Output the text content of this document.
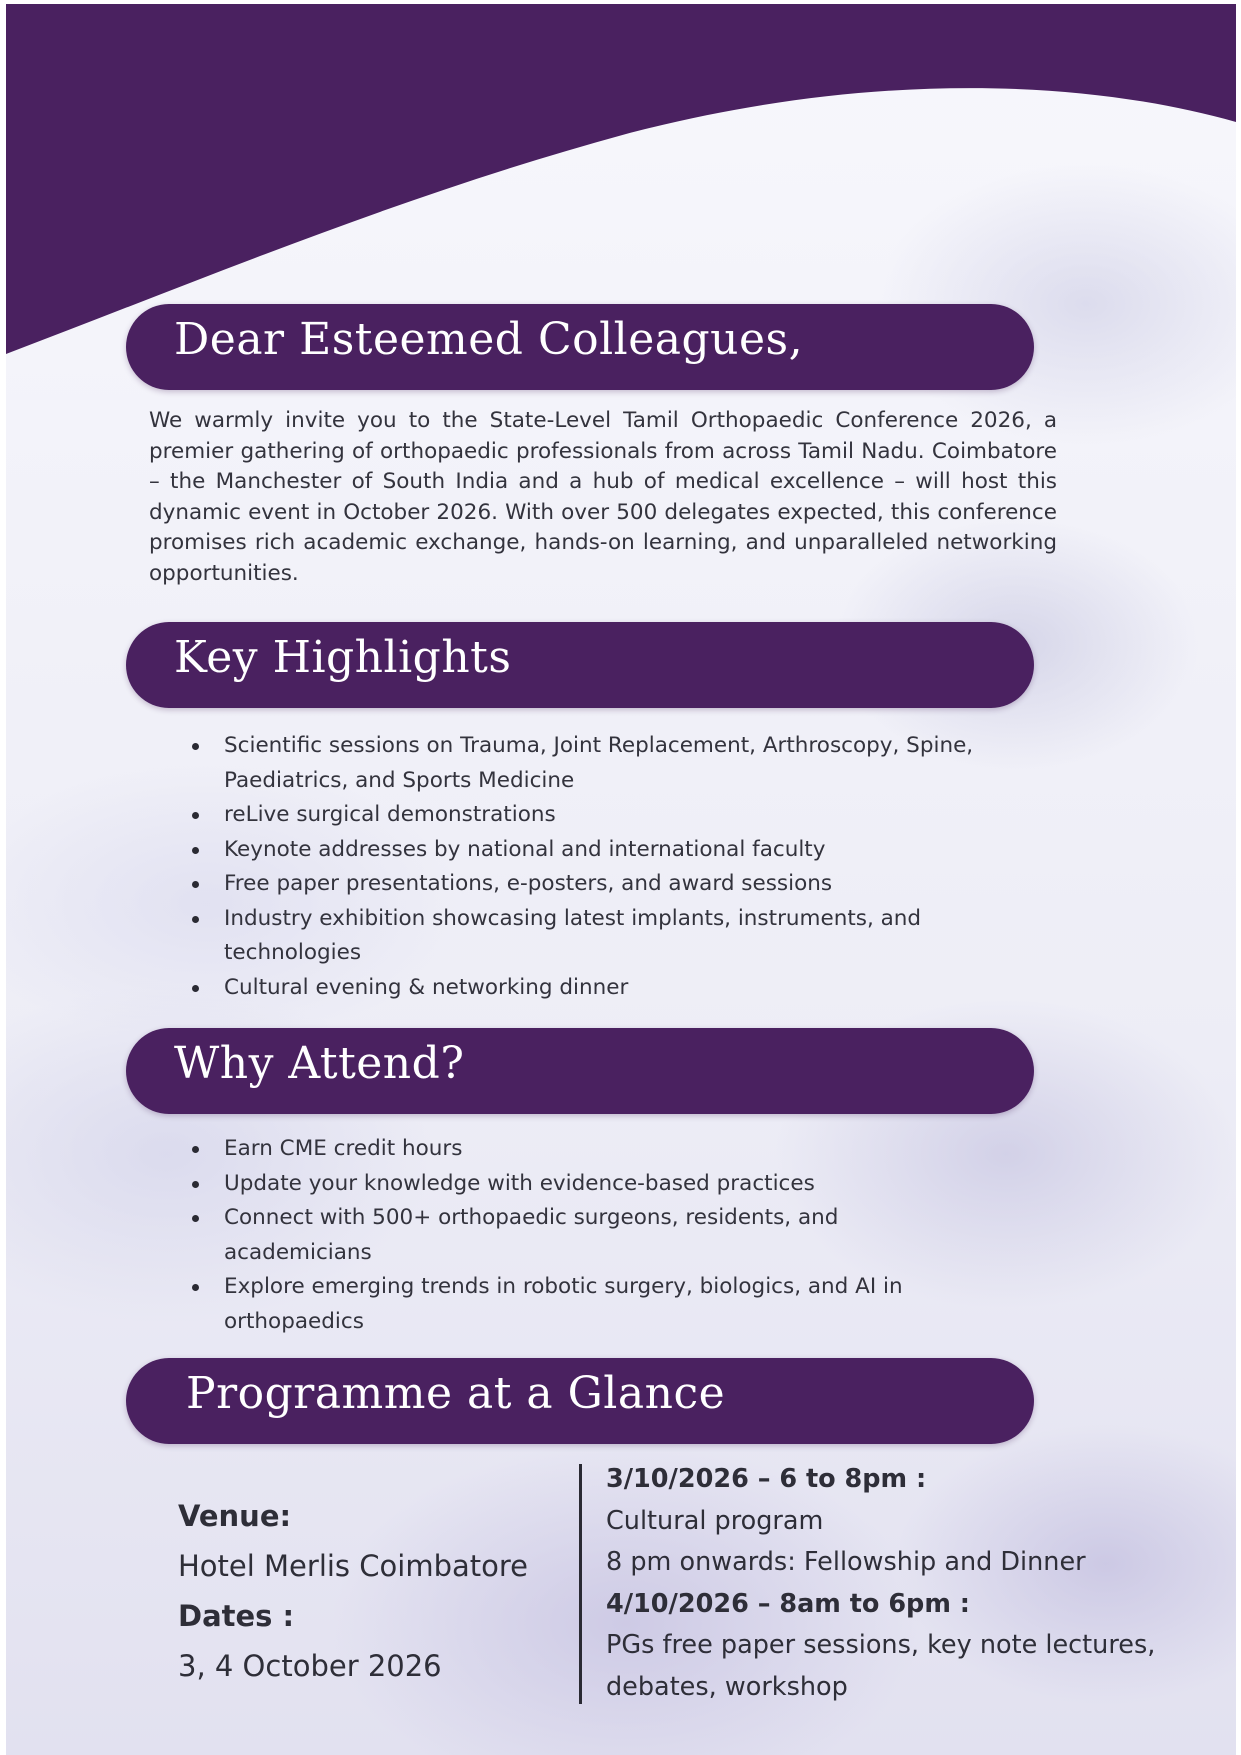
Dear Esteemed Colleagues,

We warmly invite you to the State-Level Tamil Orthopaedic Conference 2026, a premier gathering of orthopaedic professionals from across Tamil Nadu. Coimbatore – the Manchester of South India and a hub of medical excellence – will host this dynamic event in October 2026. With over 500 delegates expected, this conference promises rich academic exchange, hands-on learning, and unparalleled networking opportunities.

Key Highlights
Scientific sessions on Trauma, Joint Replacement, Arthroscopy, Spine, Paediatrics, and Sports Medicine
reLive surgical demonstrations
Keynote addresses by national and international faculty
Free paper presentations, e-posters, and award sessions
Industry exhibition showcasing latest implants, instruments, and technologies
Cultural evening & networking dinner
Why Attend?
Earn CME credit hours
Update your knowledge with evidence-based practices
Connect with 500+ orthopaedic surgeons, residents, and academicians
Explore emerging trends in robotic surgery, biologics, and AI in orthopaedics
Programme at a Glance
Venue:
Hotel Merlis Coimbatore
Dates :
3, 4 October 2026
3/10/2026 – 6 to 8pm :
Cultural program
8 pm onwards: Fellowship and Dinner
4/10/2026 – 8am to 6pm :
PGs free paper sessions, key note lectures,
debates, workshop
